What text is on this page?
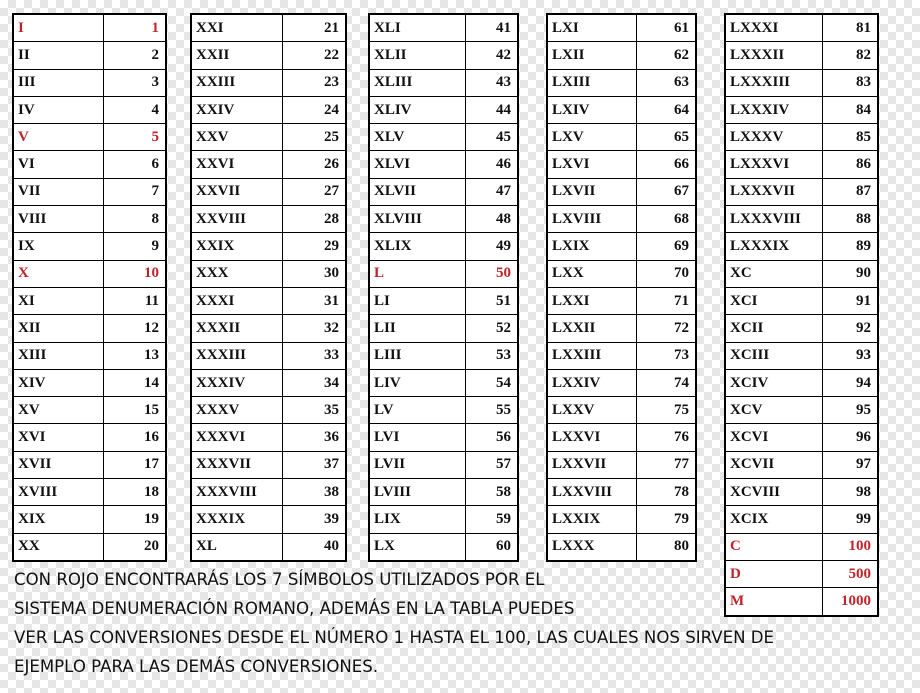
I	1
II	2
III	3
IV	4
V	5
VI	6
VII	7
VIII	8
IX	9
X	10
XI	11
XII	12
XIII	13
XIV	14
XV	15
XVI	16
XVII	17
XVIII	18
XIX	19
XX	20
XXI	21
XXII	22
XXIII	23
XXIV	24
XXV	25
XXVI	26
XXVII	27
XXVIII	28
XXIX	29
XXX	30
XXXI	31
XXXII	32
XXXIII	33
XXXIV	34
XXXV	35
XXXVI	36
XXXVII	37
XXXVIII	38
XXXIX	39
XL	40
XLI	41
XLII	42
XLIII	43
XLIV	44
XLV	45
XLVI	46
XLVII	47
XLVIII	48
XLIX	49
L	50
LI	51
LII	52
LIII	53
LIV	54
LV	55
LVI	56
LVII	57
LVIII	58
LIX	59
LX	60
LXI	61
LXII	62
LXIII	63
LXIV	64
LXV	65
LXVI	66
LXVII	67
LXVIII	68
LXIX	69
LXX	70
LXXI	71
LXXII	72
LXXIII	73
LXXIV	74
LXXV	75
LXXVI	76
LXXVII	77
LXXVIII	78
LXXIX	79
LXXX	80
LXXXI	81
LXXXII	82
LXXXIII	83
LXXXIV	84
LXXXV	85
LXXXVI	86
LXXXVII	87
LXXXVIII	88
LXXXIX	89
XC	90
XCI	91
XCII	92
XCIII	93
XCIV	94
XCV	95
XCVI	96
XCVII	97
XCVIII	98
XCIX	99
C	100
D	500
M	1000

CON ROJO ENCONTRARÁS LOS 7 SÍMBOLOS UTILIZADOS POR EL
SISTEMA DENUMERACIÓN ROMANO, ADEMÁS EN LA TABLA PUEDES
VER LAS CONVERSIONES DESDE EL NÚMERO 1 HASTA EL 100, LAS CUALES NOS SIRVEN DE
EJEMPLO PARA LAS DEMÁS CONVERSIONES.
